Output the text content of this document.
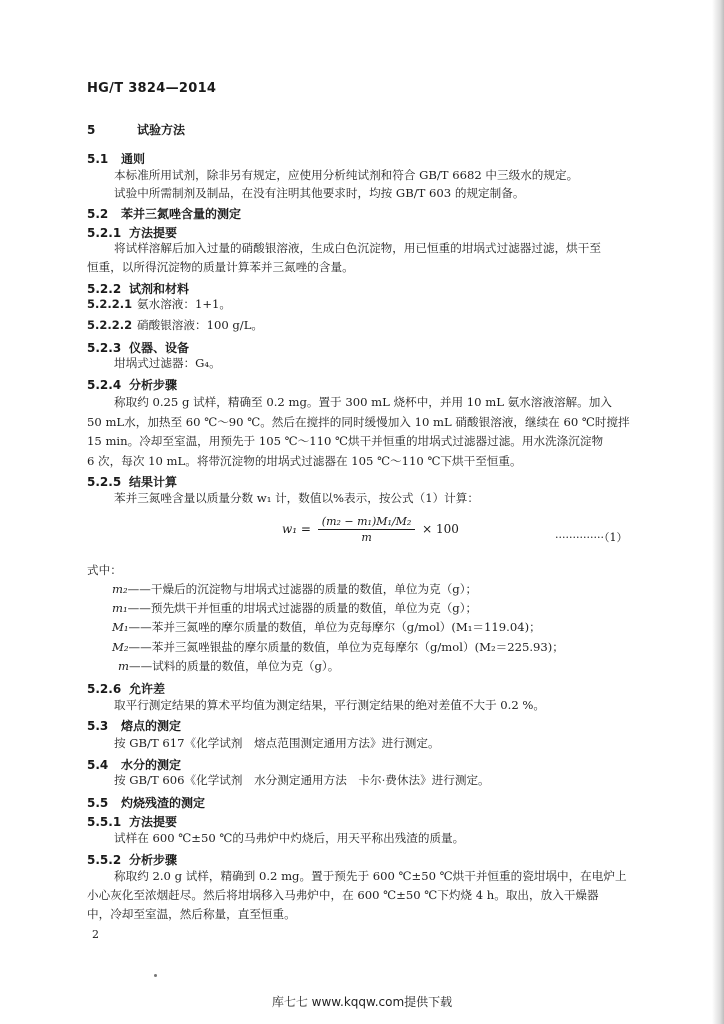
HG/T 3824—2014
5	试验方法
5.1 通则
本标准所用试剂，除非另有规定，应使用分析纯试剂和符合 GB/T 6682 中三级水的规定。
试验中所需制剂及制品，在没有注明其他要求时，均按 GB/T 603 的规定制备。
5.2 苯并三氮唑含量的测定
5.2.1 方法提要
将试样溶解后加入过量的硝酸银溶液，生成白色沉淀物，用已恒重的坩埚式过滤器过滤，烘干至
恒重，以所得沉淀物的质量计算苯并三氮唑的含量。
5.2.2 试剂和材料
5.2.2.1 氨水溶液：1+1。
5.2.2.2 硝酸银溶液：100 g/L。
5.2.3 仪器、设备
坩埚式过滤器：G₄。
5.2.4 分析步骤
称取约 0.25 g 试样，精确至 0.2 mg。置于 300 mL 烧杯中，并用 10 mL 氨水溶液溶解。加入
50 mL水，加热至 60 ℃～90 ℃。然后在搅拌的同时缓慢加入 10 mL 硝酸银溶液，继续在 60 ℃时搅拌
15 min。冷却至室温，用预先于 105 ℃～110 ℃烘干并恒重的坩埚式过滤器过滤。用水洗涤沉淀物
6 次，每次 10 mL。将带沉淀物的坩埚式过滤器在 105 ℃～110 ℃下烘干至恒重。
5.2.5 结果计算
苯并三氮唑含量以质量分数 w₁ 计，数值以%表示，按公式（1）计算：
$w_1 = \frac{\text{(m₂ − m₁)M₁/M₂}}{m} \times 100$
··············（1）
式中：
m₂——干燥后的沉淀物与坩埚式过滤器的质量的数值，单位为克（g）；
m₁——预先烘干并恒重的坩埚式过滤器的质量的数值，单位为克（g）；
M₁——苯并三氮唑的摩尔质量的数值，单位为克每摩尔（g/mol）(M₁＝119.04)；
M₂——苯并三氮唑银盐的摩尔质量的数值，单位为克每摩尔（g/mol）(M₂＝225.93)；
m——试料的质量的数值，单位为克（g）。
5.2.6 允许差
取平行测定结果的算术平均值为测定结果，平行测定结果的绝对差值不大于 0.2 %。
5.3 熔点的测定
按 GB/T 617《化学试剂　熔点范围测定通用方法》进行测定。
5.4 水分的测定
按 GB/T 606《化学试剂　水分测定通用方法　卡尔·费休法》进行测定。
5.5 灼烧残渣的测定
5.5.1 方法提要
试样在 600 ℃±50 ℃的马弗炉中灼烧后，用天平称出残渣的质量。
5.5.2 分析步骤
称取约 2.0 g 试样，精确到 0.2 mg。置于预先于 600 ℃±50 ℃烘干并恒重的瓷坩埚中，在电炉上
小心灰化至浓烟赶尽。然后将坩埚移入马弗炉中，在 600 ℃±50 ℃下灼烧 4 h。取出，放入干燥器
中，冷却至室温，然后称量，直至恒重。
2
库七七 www.kqqw.com提供下载
